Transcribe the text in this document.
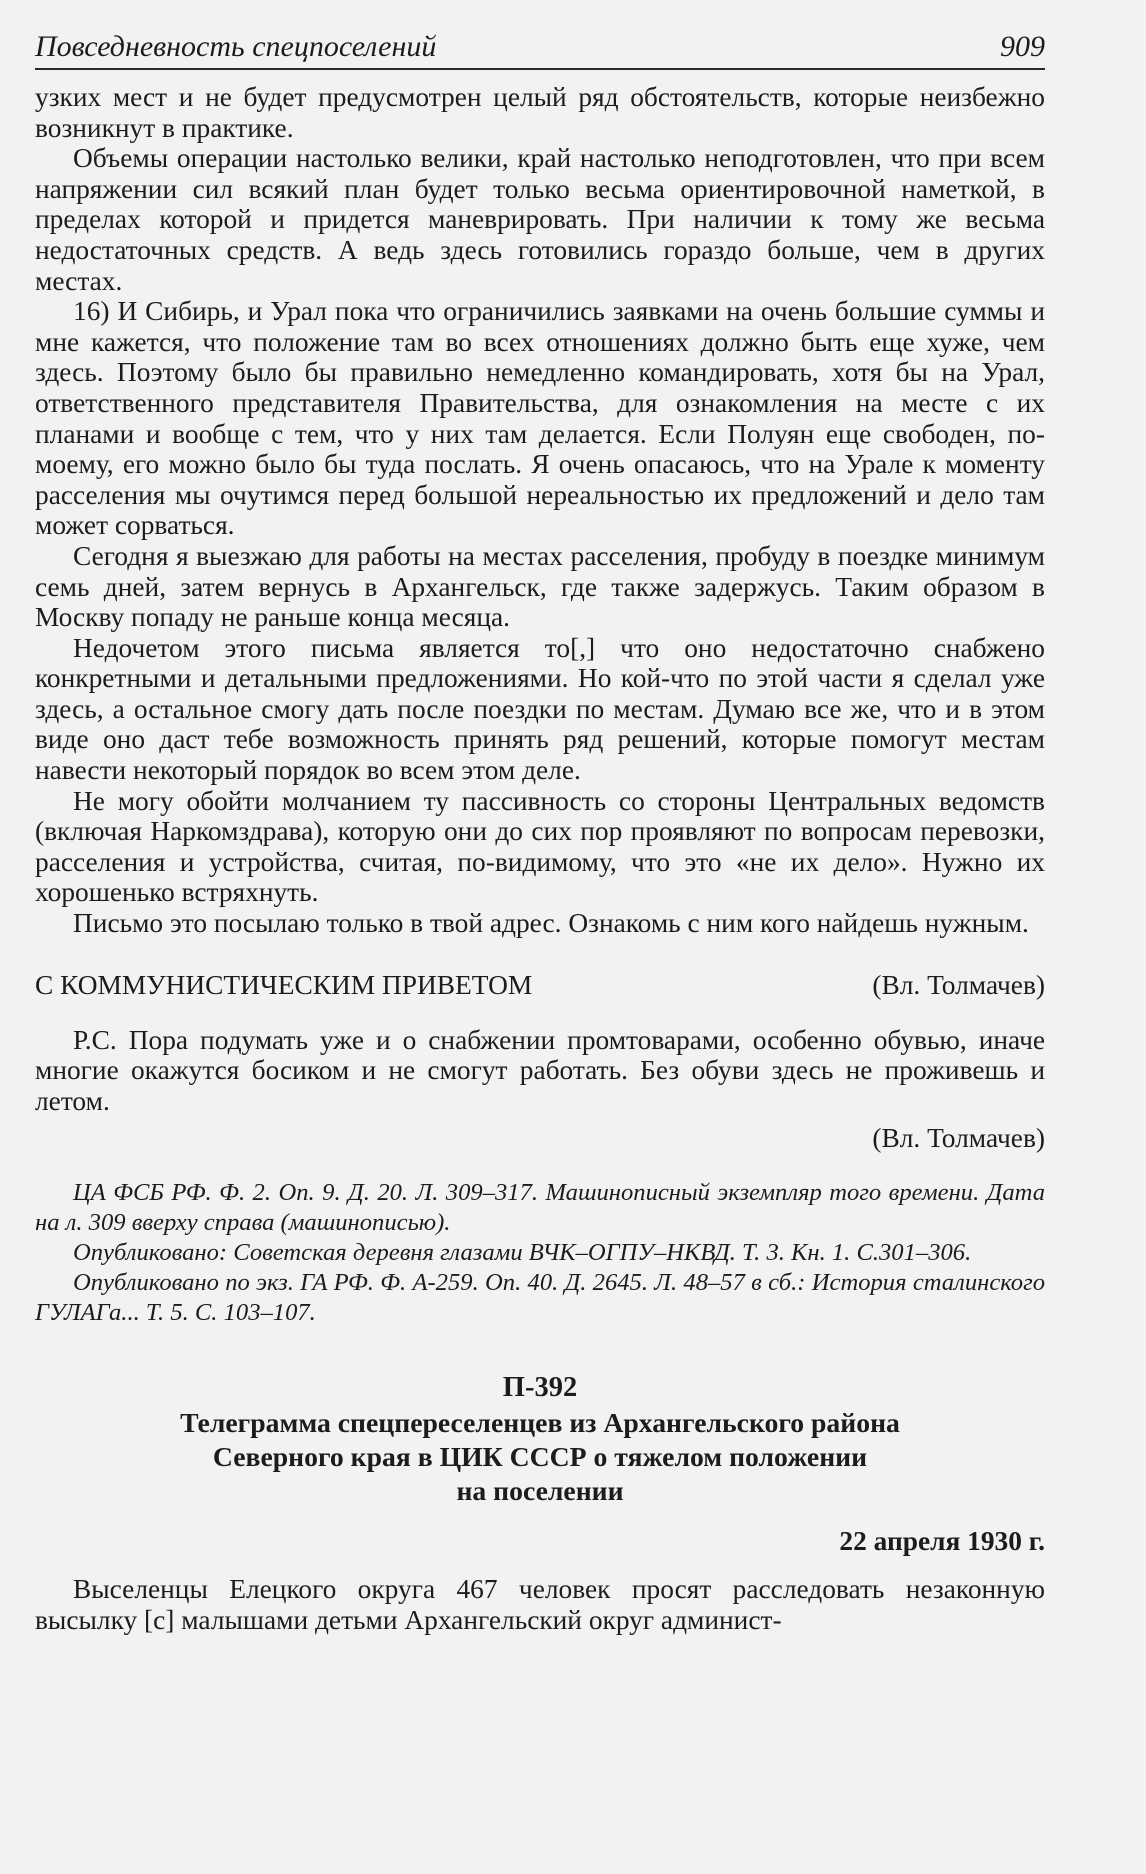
Повседневность спецпоселений	909

узких мест и не будет предусмотрен целый ряд обстоятельств, которые неизбежно возникнут в практике.

Объемы операции настолько велики, край настолько неподготовлен, что при всем напряжении сил всякий план будет только весьма ориентировочной наметкой, в пределах которой и придется маневрировать. При наличии к тому же весьма недостаточных средств. А ведь здесь готовились гораздо больше, чем в других местах.

16) И Сибирь, и Урал пока что ограничились заявками на очень большие суммы и мне кажется, что положение там во всех отношениях должно быть еще хуже, чем здесь. Поэтому было бы правильно немедленно командировать, хотя бы на Урал, ответственного представителя Правительства, для ознакомления на месте с их планами и вообще с тем, что у них там делается. Если Полуян еще свободен, по-моему, его можно было бы туда послать. Я очень опасаюсь, что на Урале к моменту расселения мы очутимся перед большой нереальностью их предложений и дело там может сорваться.

Сегодня я выезжаю для работы на местах расселения, пробуду в поездке минимум семь дней, затем вернусь в Архангельск, где также задержусь. Таким образом в Москву попаду не раньше конца месяца.

Недочетом этого письма является то[,] что оно недостаточно снабжено конкретными и детальными предложениями. Но кой-что по этой части я сделал уже здесь, а остальное смогу дать после поездки по местам. Думаю все же, что и в этом виде оно даст тебе возможность принять ряд решений, которые помогут местам навести некоторый порядок во всем этом деле.

Не могу обойти молчанием ту пассивность со стороны Центральных ведомств (включая Наркомздрава), которую они до сих пор проявляют по вопросам перевозки, расселения и устройства, считая, по-видимому, что это «не их дело». Нужно их хорошенько встряхнуть.

Письмо это посылаю только в твой адрес. Ознакомь с ним кого найдешь нужным.

С КОММУНИСТИЧЕСКИМ ПРИВЕТОМ	(Вл. Толмачев)

Р.С. Пора подумать уже и о снабжении промтоварами, особенно обувью, иначе многие окажутся босиком и не смогут работать. Без обуви здесь не проживешь и летом.

(Вл. Толмачев)

ЦА ФСБ РФ. Ф. 2. Оп. 9. Д. 20. Л. 309–317. Машинописный экземпляр того времени. Дата на л. 309 вверху справа (машинописью).

Опубликовано: Советская деревня глазами ВЧК–ОГПУ–НКВД. Т. 3. Кн. 1. С.301–306.

Опубликовано по экз. ГА РФ. Ф. А-259. Оп. 40. Д. 2645. Л. 48–57 в сб.: История сталинского ГУЛАГа... Т. 5. С. 103–107.

П-392
Телеграмма спецпереселенцев из Архангельского района
Северного края в ЦИК СССР о тяжелом положении
на поселении
22 апреля 1930 г.

Выселенцы Елецкого округа 467 человек просят расследовать незаконную высылку [с] малышами детьми Архангельский округ админист-
